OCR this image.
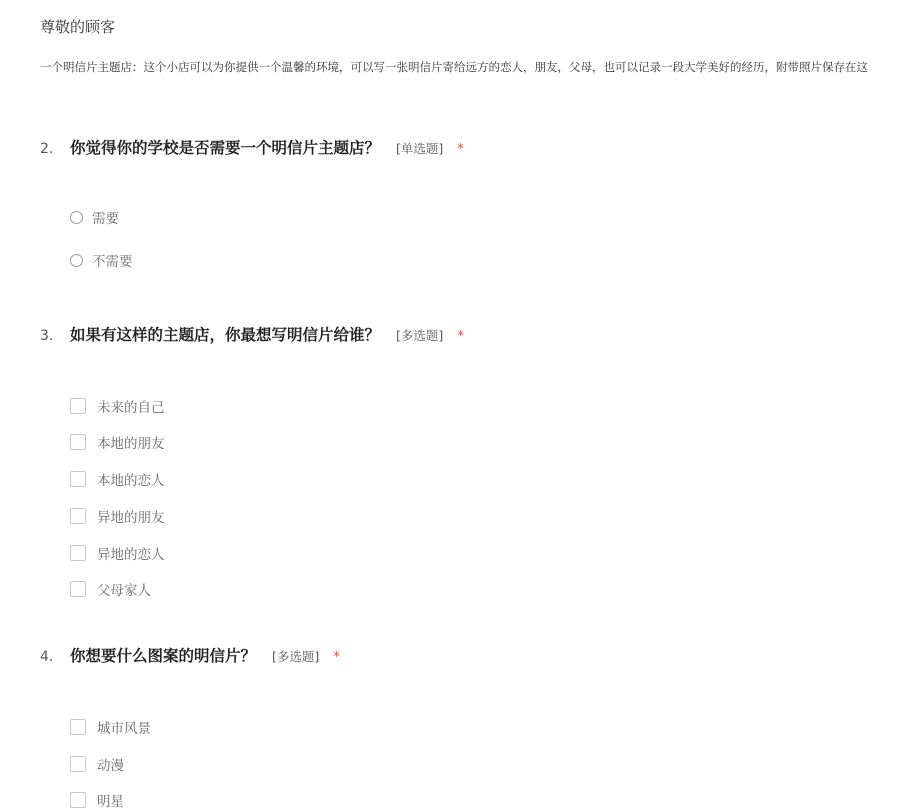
尊敬的顾客
一个明信片主题店：这个小店可以为你提供一个温馨的环境，可以写一张明信片寄给远方的恋人，朋友，父母，也可以记录一段大学美好的经历，附带照片保存在这
2.	你觉得你的学校是否需要一个明信片主题店？ [单选题] *
需要
不需要
3.	如果有这样的主题店，你最想写明信片给谁？ [多选题] *
未来的自己
本地的朋友
本地的恋人
异地的朋友
异地的恋人
父母家人
4.	你想要什么图案的明信片？ [多选题] *
城市风景
动漫
明星
